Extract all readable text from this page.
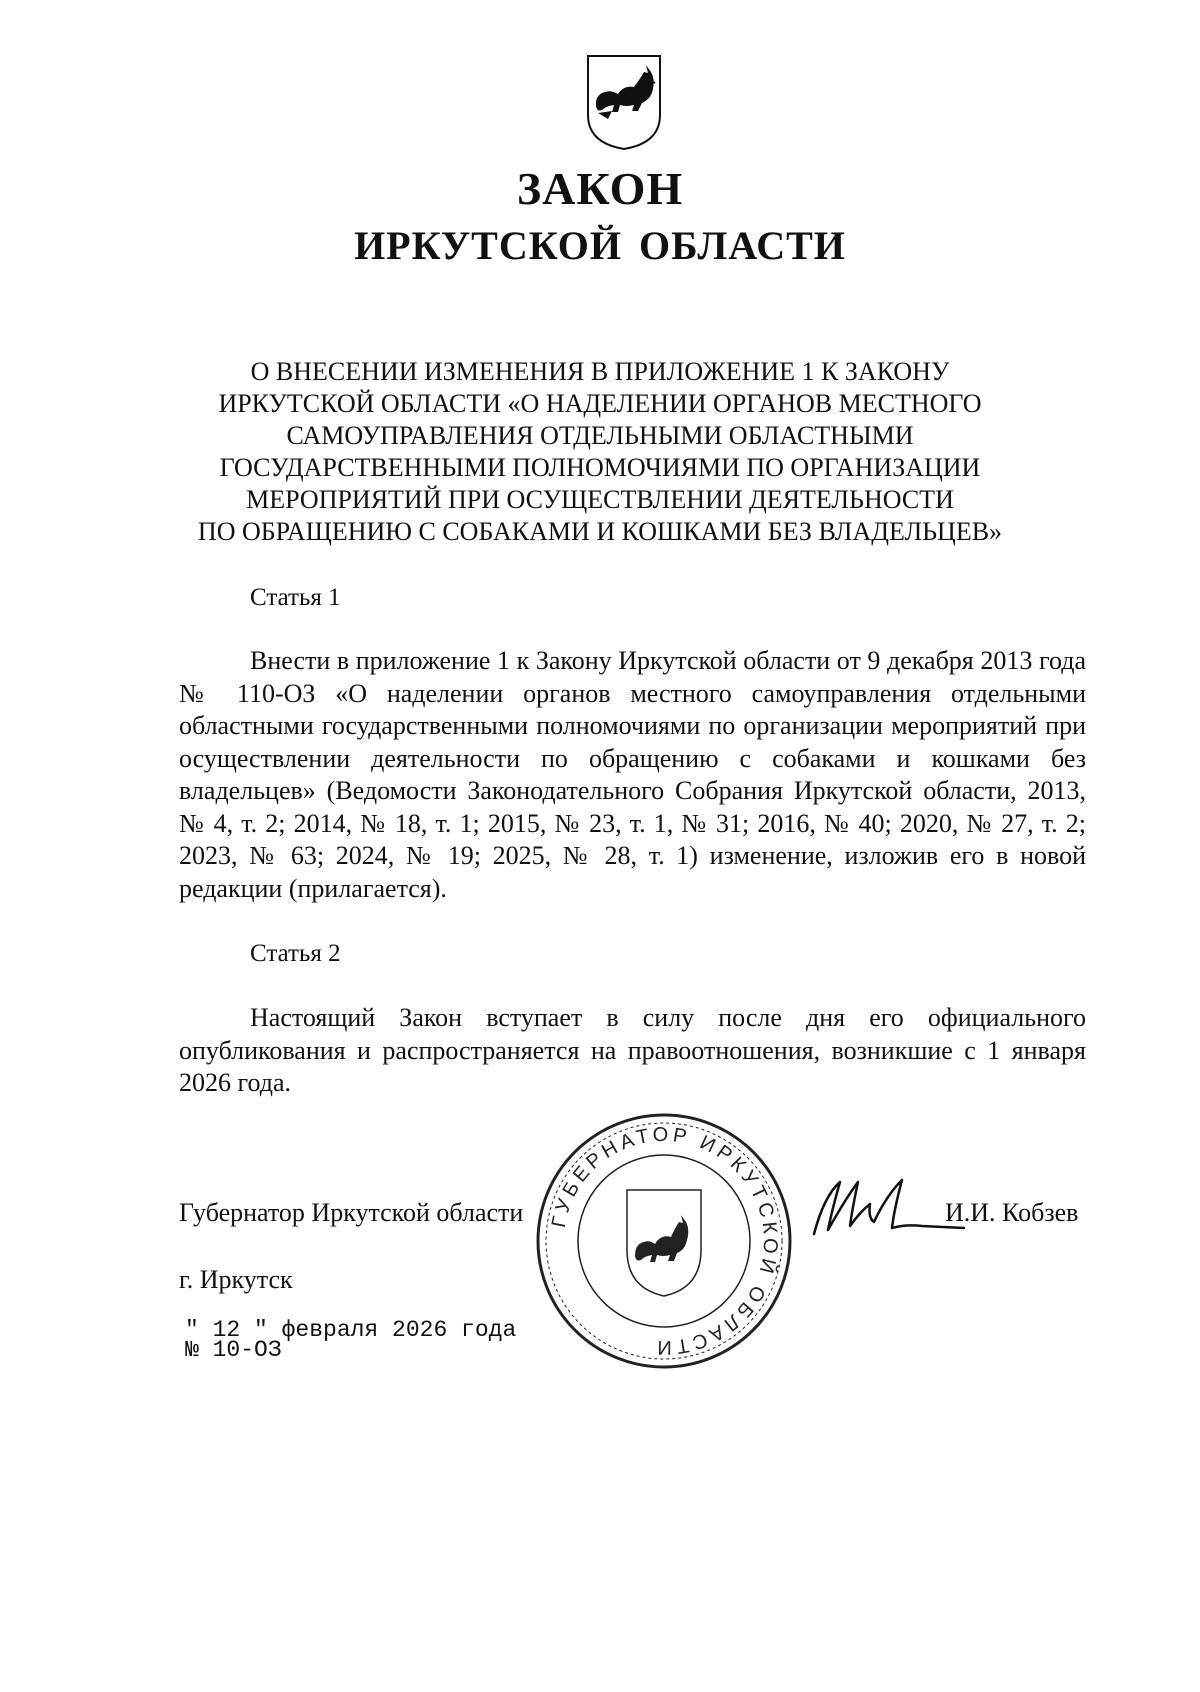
ЗАКОН
ИРКУТСКОЙ ОБЛАСТИ
О ВНЕСЕНИИ ИЗМЕНЕНИЯ В ПРИЛОЖЕНИЕ 1 К ЗАКОНУ
ИРКУТСКОЙ ОБЛАСТИ «О НАДЕЛЕНИИ ОРГАНОВ МЕСТНОГО
САМОУПРАВЛЕНИЯ ОТДЕЛЬНЫМИ ОБЛАСТНЫМИ
ГОСУДАРСТВЕННЫМИ ПОЛНОМОЧИЯМИ ПО ОРГАНИЗАЦИИ
МЕРОПРИЯТИЙ ПРИ ОСУЩЕСТВЛЕНИИ ДЕЯТЕЛЬНОСТИ
ПО ОБРАЩЕНИЮ С СОБАКАМИ И КОШКАМИ БЕЗ ВЛАДЕЛЬЦЕВ»

Статья 1

Внести в приложение 1 к Закону Иркутской области от 9 декабря 2013 года № 110-ОЗ «О наделении органов местного самоуправления отдельными областными государственными полномочиями по организации мероприятий при осуществлении деятельности по обращению с собаками и кошками без владельцев» (Ведомости Законодательного Собрания Иркутской области, 2013, № 4, т. 2; 2014, № 18, т. 1; 2015, № 23, т. 1, № 31; 2016, № 40; 2020, № 27, т. 2; 2023, № 63; 2024, № 19; 2025, № 28, т. 1) изменение, изложив его в новой редакции (прилагается).

Статья 2

Настоящий Закон вступает в силу после дня его официального опубликования и распространяется на правоотношения, возникшие с 1 января 2026 года.

Губернатор Иркутской области	И.И. Кобзев

г. Иркутск

" 12 " февраля 2026 года

№ 10-ОЗ

ГУБЕРНАТОР ИРКУТСКОЙ ОБЛАСТИ
